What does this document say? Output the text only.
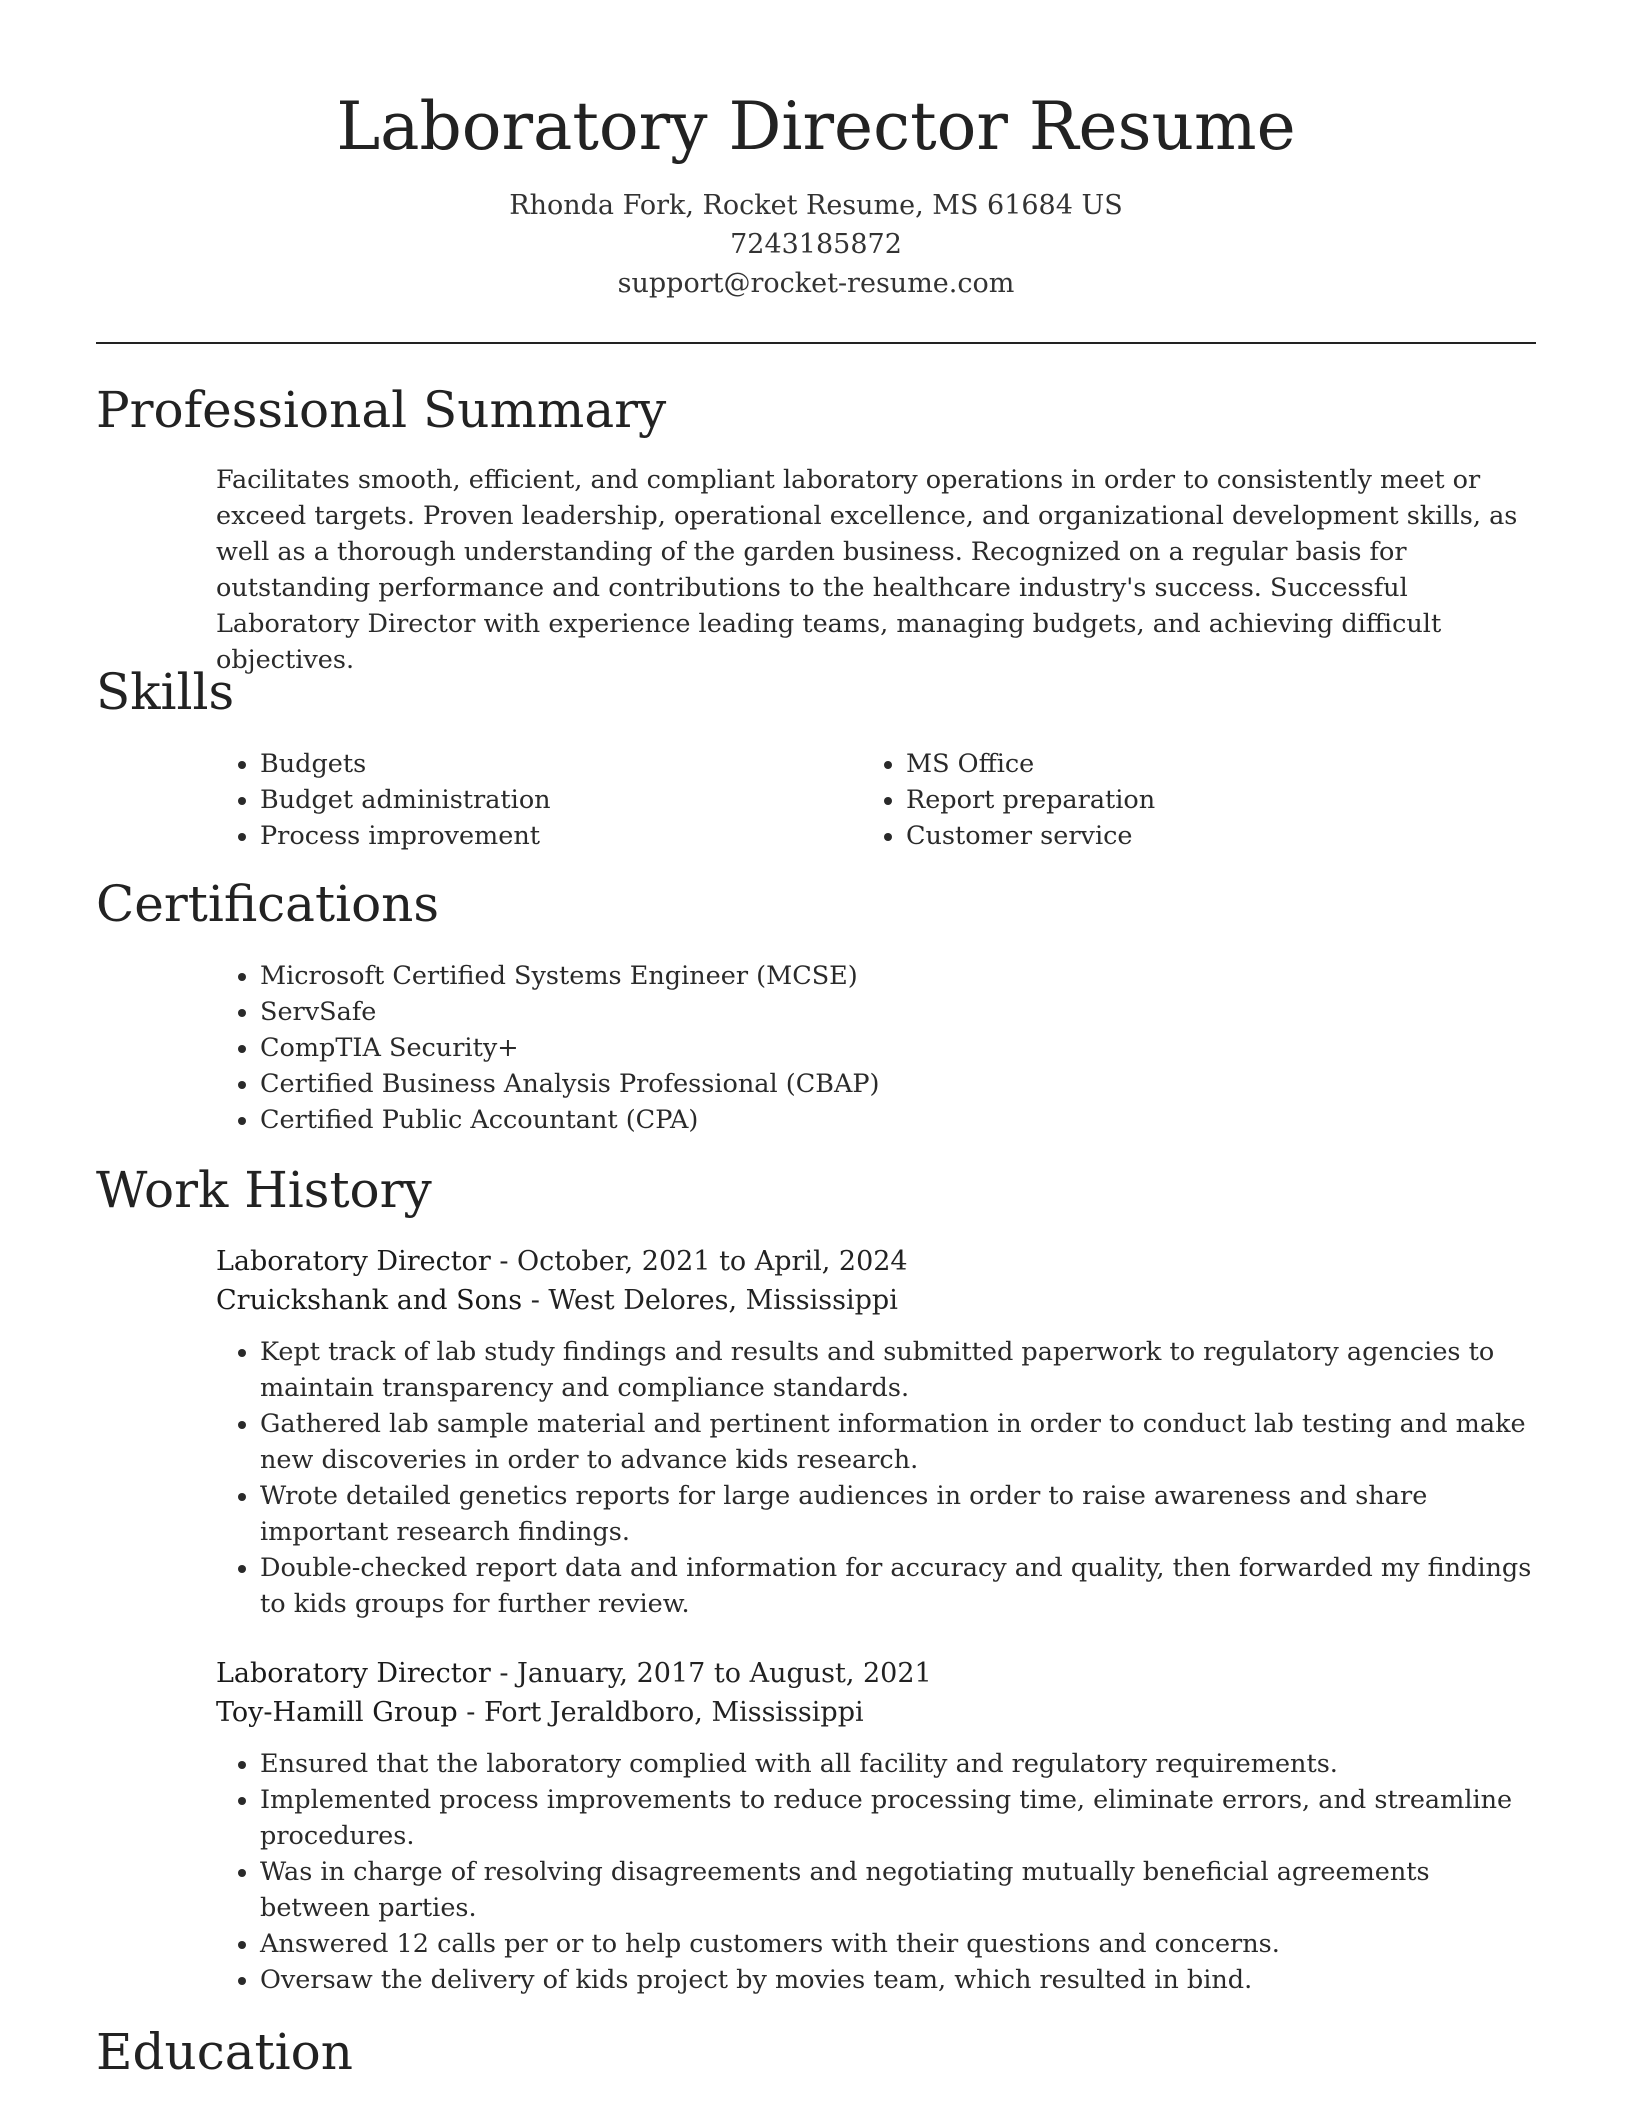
Laboratory Director Resume
Rhonda Fork, Rocket Resume, MS 61684 US
7243185872
support@rocket-resume.com
Professional Summary
Facilitates smooth, efficient, and compliant laboratory operations in order to consistently meet or exceed targets. Proven leadership, operational excellence, and organizational development skills, as well as a thorough understanding of the garden business. Recognized on a regular basis for outstanding performance and contributions to the healthcare industry's success. Successful Laboratory Director with experience leading teams, managing budgets, and achieving difficult objectives.
Skills
• Budgets
• Budget administration
• Process improvement
• MS Office
• Report preparation
• Customer service
Certifications
• Microsoft Certified Systems Engineer (MCSE)
• ServSafe
• CompTIA Security+
• Certified Business Analysis Professional (CBAP)
• Certified Public Accountant (CPA)
Work History
Laboratory Director - October, 2021 to April, 2024
Cruickshank and Sons - West Delores, Mississippi
• Kept track of lab study findings and results and submitted paperwork to regulatory agencies to maintain transparency and compliance standards.
• Gathered lab sample material and pertinent information in order to conduct lab testing and make new discoveries in order to advance kids research.
• Wrote detailed genetics reports for large audiences in order to raise awareness and share important research findings.
• Double-checked report data and information for accuracy and quality, then forwarded my findings to kids groups for further review.
Laboratory Director - January, 2017 to August, 2021
Toy-Hamill Group - Fort Jeraldboro, Mississippi
• Ensured that the laboratory complied with all facility and regulatory requirements.
• Implemented process improvements to reduce processing time, eliminate errors, and streamline procedures.
• Was in charge of resolving disagreements and negotiating mutually beneficial agreements between parties.
• Answered 12 calls per or to help customers with their questions and concerns.
• Oversaw the delivery of kids project by movies team, which resulted in bind.
Education
